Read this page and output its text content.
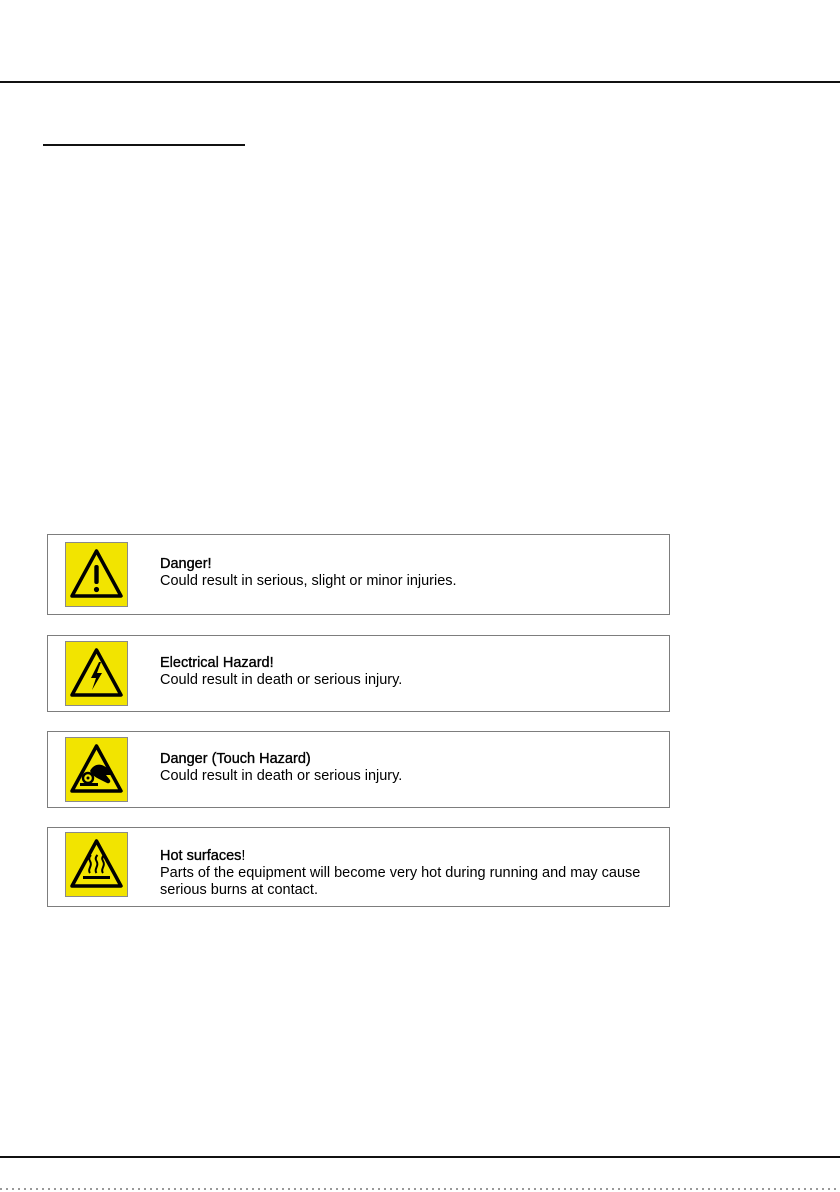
Danger!
Could result in serious, slight or minor injuries.
Electrical Hazard!
Could result in death or serious injury.
Danger (Touch Hazard)
Could result in death or serious injury.
Hot surfaces!
Parts of the equipment will become very hot during running and may cause serious burns at contact.
